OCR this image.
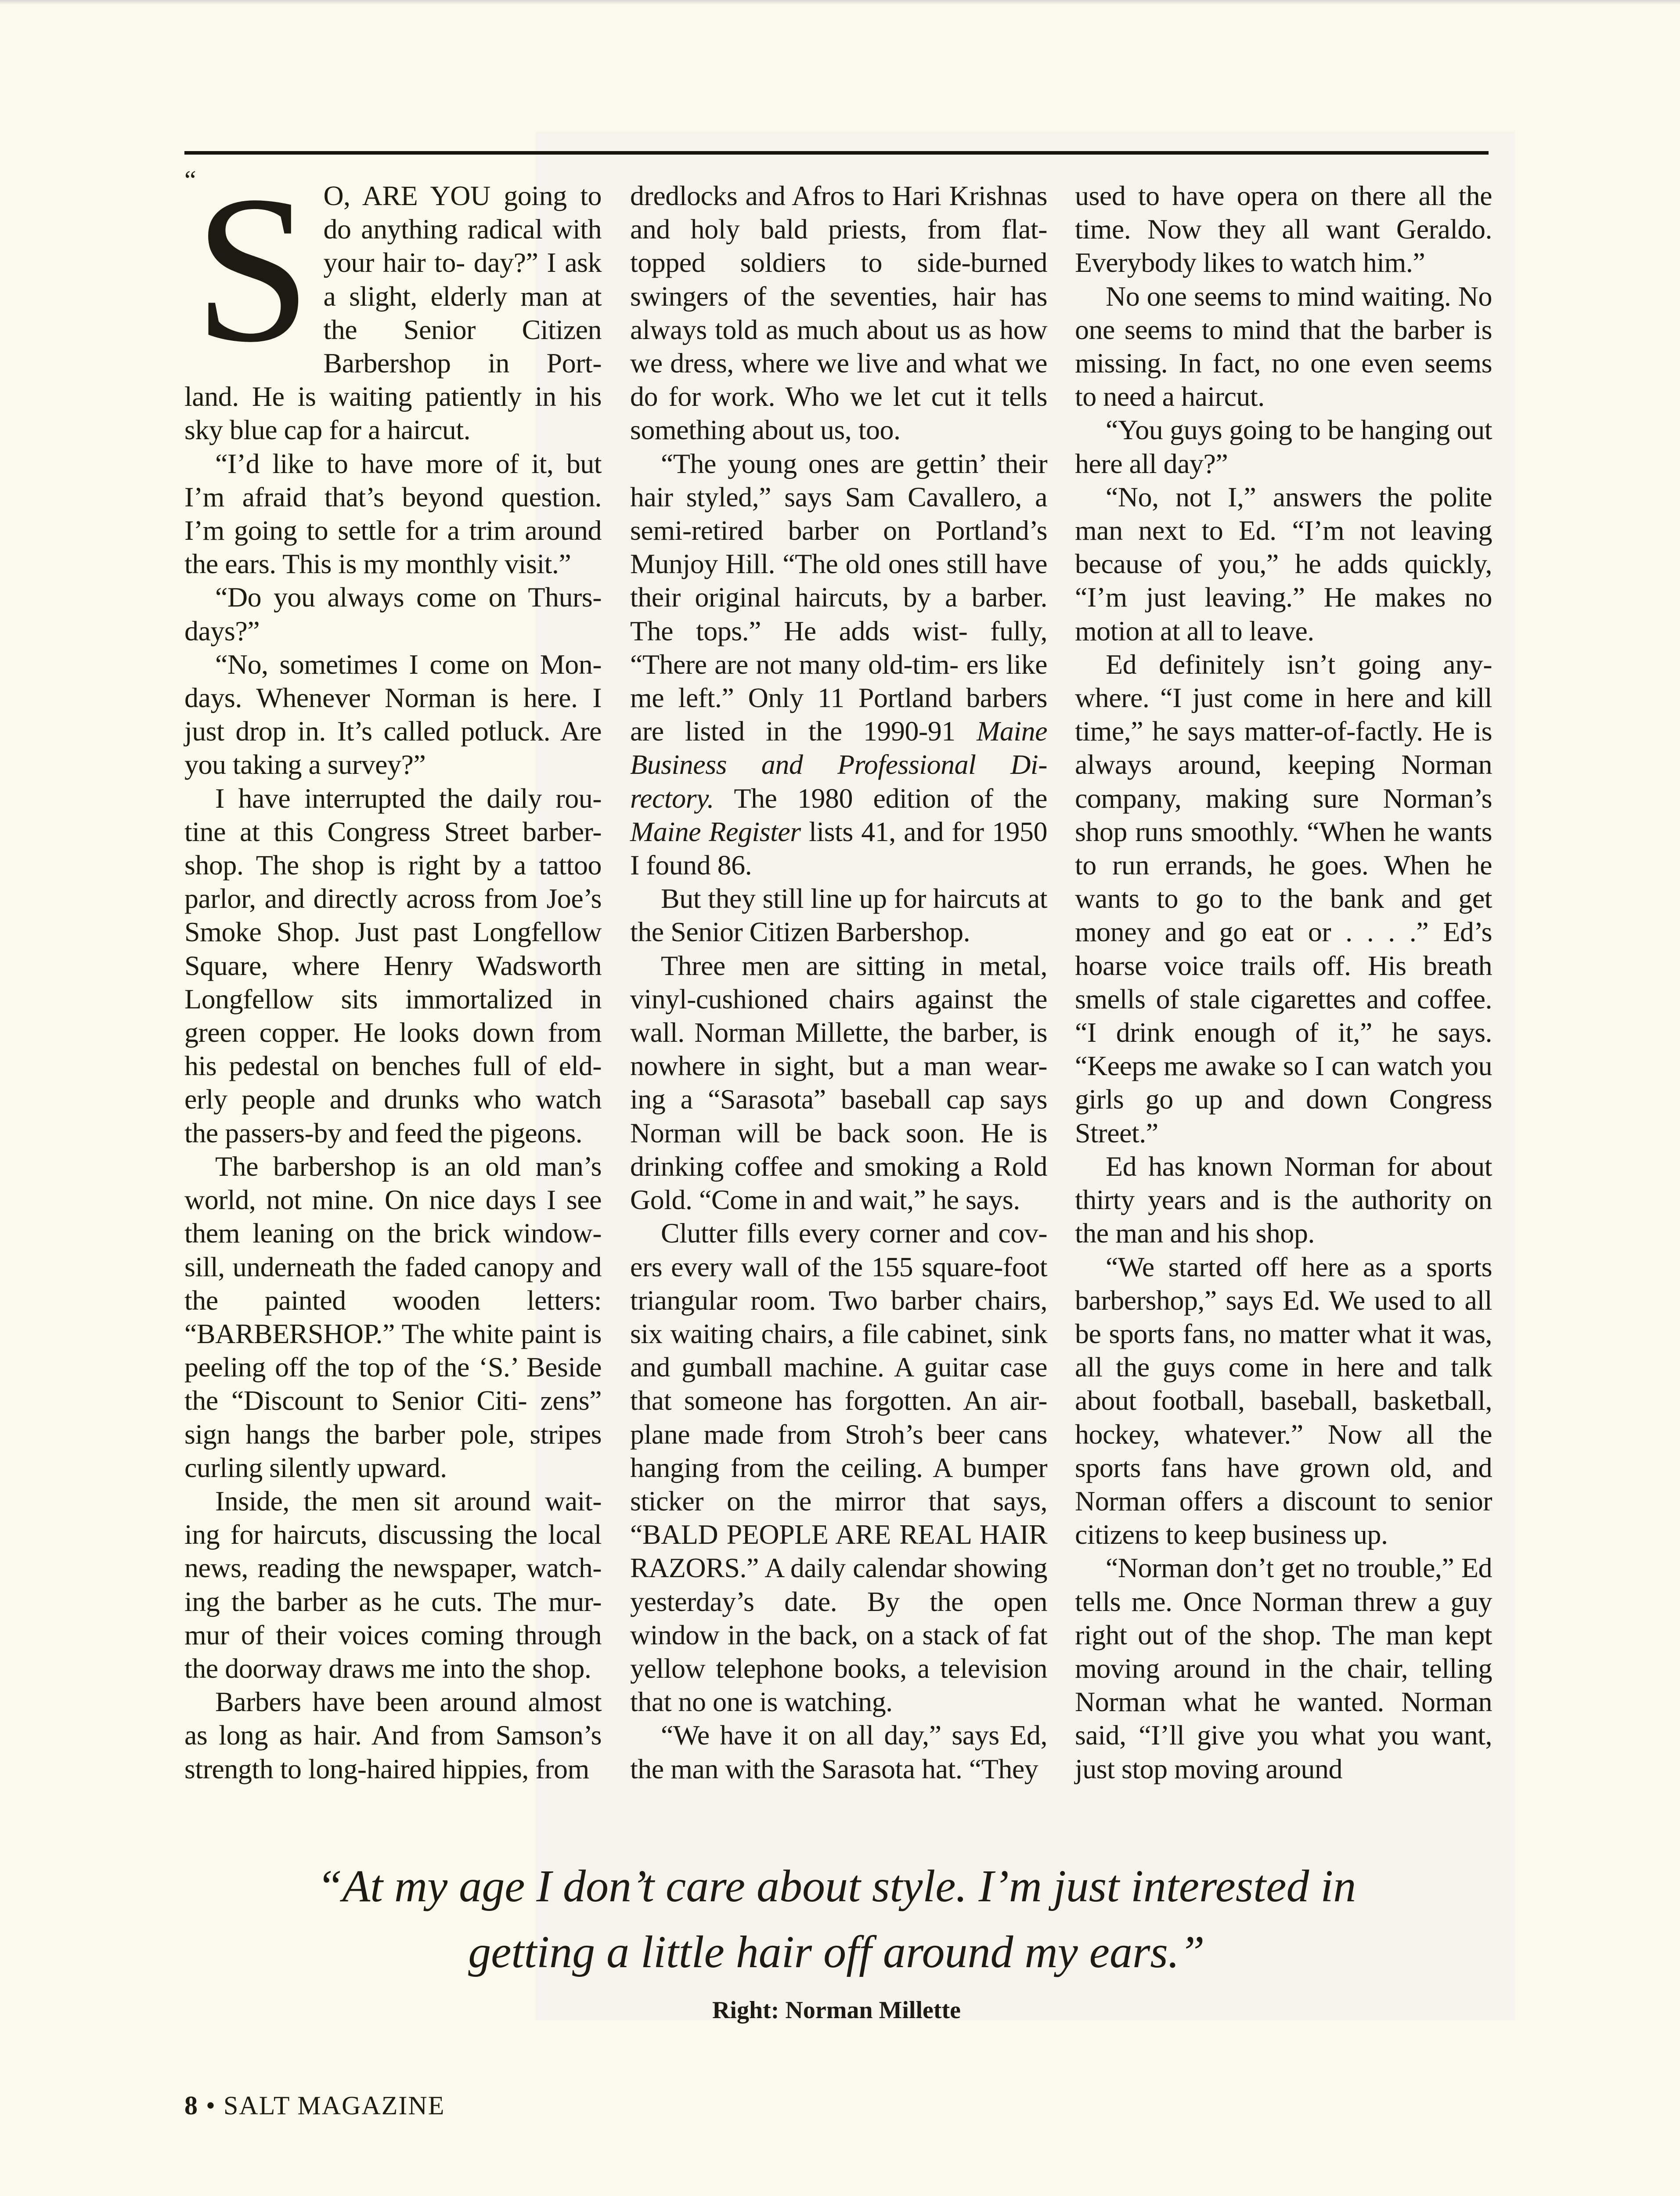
“
S O, ARE YOU going to do anything radical with your hair to- day?” I ask a slight, elderly man at the Senior Citizen Barbershop in Port- land. He is waiting patiently in his sky blue cap for a haircut.

“I’d like to have more of it, but I’m afraid that’s beyond question. I’m going to settle for a trim around the ears. This is my monthly visit.”

“Do you always come on Thurs- days?”

“No, sometimes I come on Mon- days. Whenever Norman is here. I just drop in. It’s called potluck. Are you taking a survey?”

I have interrupted the daily rou- tine at this Congress Street barber- shop. The shop is right by a tattoo parlor, and directly across from Joe’s Smoke Shop. Just past Longfellow Square, where Henry Wadsworth Longfellow sits immortalized in green copper. He looks down from his pedestal on benches full of eld- erly people and drunks who watch the passers-by and feed the pigeons.

The barbershop is an old man’s world, not mine. On nice days I see them leaning on the brick window- sill, underneath the faded canopy and the painted wooden letters: “BARBERSHOP.” The white paint is peeling off the top of the ‘S.’ Beside the “Discount to Senior Citi- zens” sign hangs the barber pole, stripes curling silently upward.

Inside, the men sit around wait- ing for haircuts, discussing the local news, reading the newspaper, watch- ing the barber as he cuts. The mur- mur of their voices coming through the doorway draws me into the shop.

Barbers have been around almost as long as hair. And from Samson’s strength to long-haired hippies, from

dredlocks and Afros to Hari Krishnas and holy bald priests, from flat- topped soldiers to side-burned swingers of the seventies, hair has always told as much about us as how we dress, where we live and what we do for work. Who we let cut it tells something about us, too.

“The young ones are gettin’ their hair styled,” says Sam Cavallero, a semi-retired barber on Portland’s Munjoy Hill. “The old ones still have their original haircuts, by a barber. The tops.” He adds wist- fully, “There are not many old-tim- ers like me left.” Only 11 Portland barbers are listed in the 1990-91 Maine Business and Professional Di- rectory. The 1980 edition of the Maine Register lists 41, and for 1950 I found 86.

But they still line up for haircuts at the Senior Citizen Barbershop.

Three men are sitting in metal, vinyl-cushioned chairs against the wall. Norman Millette, the barber, is nowhere in sight, but a man wear- ing a “Sarasota” baseball cap says Norman will be back soon. He is drinking coffee and smoking a Rold Gold. “Come in and wait,” he says.

Clutter fills every corner and cov- ers every wall of the 155 square-foot triangular room. Two barber chairs, six waiting chairs, a file cabinet, sink and gumball machine. A guitar case that someone has forgotten. An air- plane made from Stroh’s beer cans hanging from the ceiling. A bumper sticker on the mirror that says, “BALD PEOPLE ARE REAL HAIR RAZORS.” A daily calendar showing yesterday’s date. By the open window in the back, on a stack of fat yellow telephone books, a television that no one is watching.

“We have it on all day,” says Ed, the man with the Sarasota hat. “They

used to have opera on there all the time. Now they all want Geraldo. Everybody likes to watch him.”

No one seems to mind waiting. No one seems to mind that the barber is missing. In fact, no one even seems to need a haircut.

“You guys going to be hanging out here all day?”

“No, not I,” answers the polite man next to Ed. “I’m not leaving because of you,” he adds quickly, “I’m just leaving.” He makes no motion at all to leave.

Ed definitely isn’t going any- where. “I just come in here and kill time,” he says matter-of-factly. He is always around, keeping Norman company, making sure Norman’s shop runs smoothly. “When he wants to run errands, he goes. When he wants to go to the bank and get money and go eat or . . . .” Ed’s hoarse voice trails off. His breath smells of stale cigarettes and coffee. “I drink enough of it,” he says. “Keeps me awake so I can watch you girls go up and down Congress Street.”

Ed has known Norman for about thirty years and is the authority on the man and his shop.

“We started off here as a sports barbershop,” says Ed. We used to all be sports fans, no matter what it was, all the guys come in here and talk about football, baseball, basketball, hockey, whatever.” Now all the sports fans have grown old, and Norman offers a discount to senior citizens to keep business up.

“Norman don’t get no trouble,” Ed tells me. Once Norman threw a guy right out of the shop. The man kept moving around in the chair, telling Norman what he wanted. Norman said, “I’ll give you what you want, just stop moving around

“At my age I don’t care about style. I’m just interested in
getting a little hair off around my ears.”
Right: Norman Millette
8 • SALT MAGAZINE
